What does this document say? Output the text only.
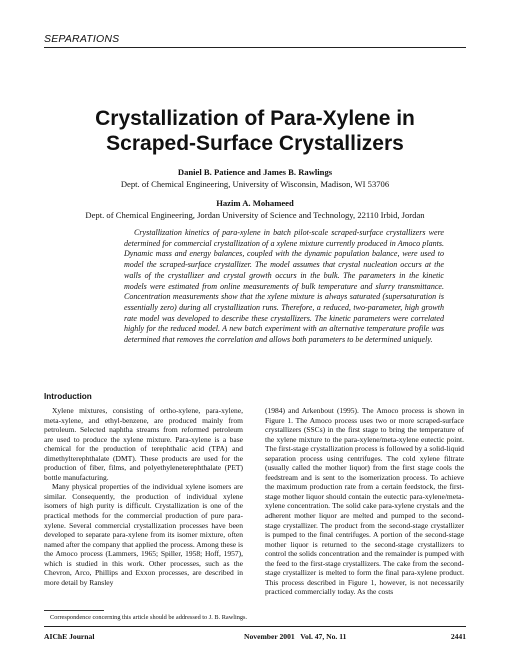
SEPARATIONS
Crystallization of Para-Xylene in
Scraped-Surface Crystallizers
Daniel B. Patience and James B. Rawlings
Dept. of Chemical Engineering, University of Wisconsin, Madison, WI 53706
Hazim A. Mohameed
Dept. of Chemical Engineering, Jordan University of Science and Technology, 22110 Irbid, Jordan
Crystallization kinetics of para-xylene in batch pilot-scale scraped-surface crystallizers were determined for commercial crystallization of a xylene mixture currently produced in Amoco plants. Dynamic mass and energy balances, coupled with the dynamic population balance, were used to model the scraped-surface crystallizer. The model assumes that crystal nucleation occurs at the walls of the crystallizer and crystal growth occurs in the bulk. The parameters in the kinetic models were estimated from online measurements of bulk temperature and slurry transmittance. Concentration measurements show that the xylene mixture is always saturated (supersaturation is essentially zero) during all crystallization runs. Therefore, a reduced, two-parameter, high growth rate model was developed to describe these crystallizers. The kinetic parameters were correlated highly for the reduced model. A new batch experiment with an alternative temperature profile was determined that removes the correlation and allows both parameters to be determined uniquely.
Introduction

Xylene mixtures, consisting of ortho-xylene, para-xylene, meta-xylene, and ethyl-benzene, are produced mainly from petroleum. Selected naphtha streams from reformed petroleum are used to produce the xylene mixture. Para-xylene is a base chemical for the production of terephthalic acid (TPA) and dimethylterephthalate (DMT). These products are used for the production of fiber, films, and polyethyleneterephthalate (PET) bottle manufacturing.

Many physical properties of the individual xylene isomers are similar. Consequently, the production of individual xylene isomers of high purity is difficult. Crystallization is one of the practical methods for the commercial production of pure para-xylene. Several commercial crystallization processes have been developed to separate para-xylene from its isomer mixture, often named after the company that applied the process. Among these is the Amoco process (Lammers, 1965; Spiller, 1958; Hoff, 1957), which is studied in this work. Other processes, such as the Chevron, Arco, Phillips and Exxon processes, are described in more detail by Ransley

(1984) and Arkenbout (1995). The Amoco process is shown in Figure 1. The Amoco process uses two or more scraped-surface crystallizers (SSCs) in the first stage to bring the temperature of the xylene mixture to the para-xylene/meta-xylene eutectic point. The first-stage crystallization process is followed by a solid-liquid separation process using centrifuges. The cold xylene filtrate (usually called the mother liquor) from the first stage cools the feedstream and is sent to the isomerization process. To achieve the maximum production rate from a certain feedstock, the first-stage mother liquor should contain the eutectic para-xylene/meta-xylene concentration. The solid cake para-xylene crystals and the adherent mother liquor are melted and pumped to the second-stage crystallizer. The product from the second-stage crystallizer is pumped to the final centrifuges. A portion of the second-stage mother liquor is returned to the second-stage crystallizers to control the solids concentration and the remainder is pumped with the feed to the first-stage crystallizers. The cake from the second-stage crystallizer is melted to form the final para-xylene product. This process described in Figure 1, however, is not necessarily practiced commercially today. As the costs

Correspondence concerning this article should be addressed to J. B. Rawlings.
AIChE Journal	November 2001   Vol. 47, No. 11	2441
